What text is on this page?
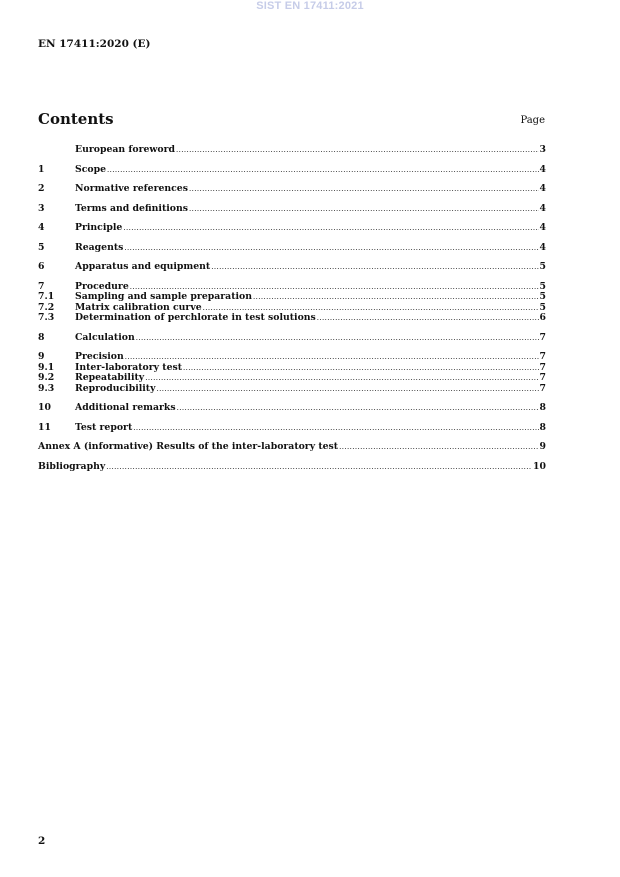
SIST EN 17411:2021
EN 17411:2020 (E)
Contents	Page
European foreword .....	3
1	Scope .....	4
2	Normative references .....	4
3	Terms and definitions .....	4
4	Principle .....	4
5	Reagents .....	4
6	Apparatus and equipment .....	5
7	Procedure .....	5
7.1	Sampling and sample preparation .....	5
7.2	Matrix calibration curve .....	5
7.3	Determination of perchlorate in test solutions .....	6
8	Calculation .....	7
9	Precision .....	7
9.1	Inter-laboratory test .....	7
9.2	Repeatability .....	7
9.3	Reproducibility .....	7
10	Additional remarks .....	8
11	Test report .....	8
Annex A (informative) Results of the inter-laboratory test .....	9
Bibliography .....	10
2
